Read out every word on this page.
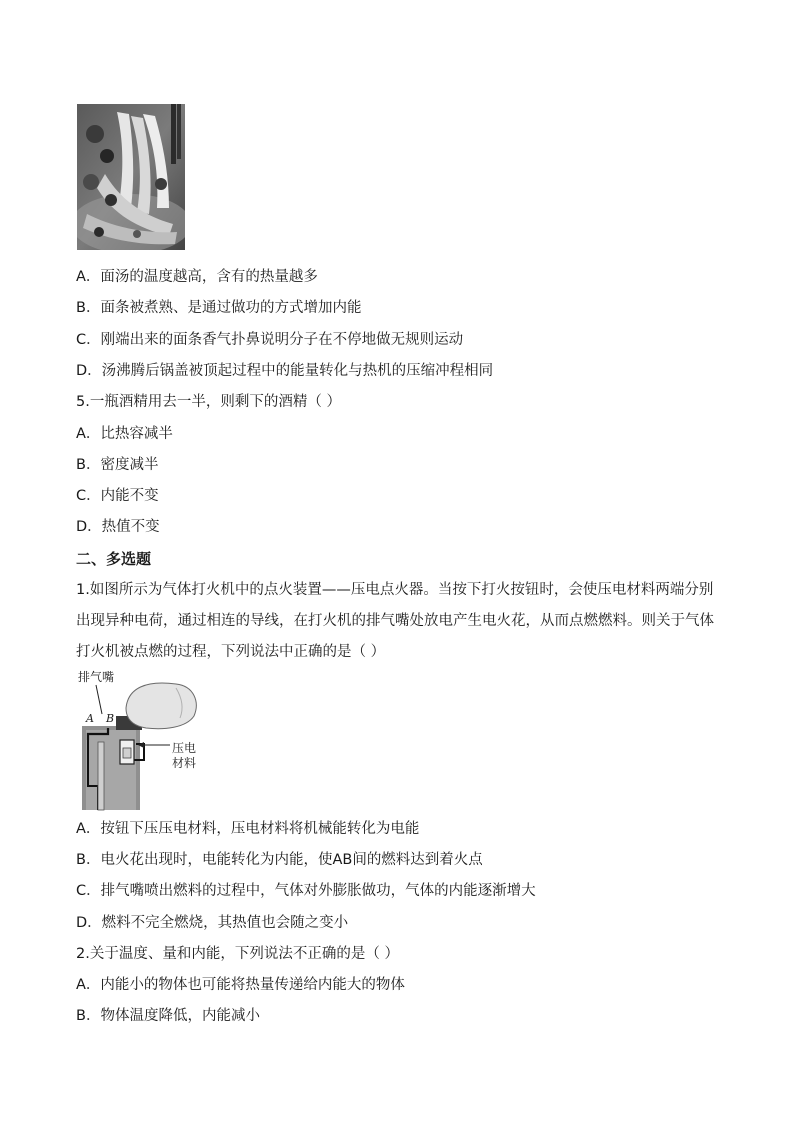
A．面汤的温度越高，含有的热量越多
B．面条被煮熟、是通过做功的方式增加内能
C．刚端出来的面条香气扑鼻说明分子在不停地做无规则运动
D．汤沸腾后锅盖被顶起过程中的能量转化与热机的压缩冲程相同
5.一瓶酒精用去一半，则剩下的酒精（ ）
A．比热容减半
B．密度减半
C．内能不变
D．热值不变
二、多选题
1.如图所示为气体打火机中的点火装置——压电点火器。当按下打火按钮时，会使压电材料两端分别
出现异种电荷，通过相连的导线，在打火机的排气嘴处放电产生电火花，从而点燃燃料。则关于气体
打火机被点燃的过程，下列说法中正确的是（ ）
排气嘴
A B
压电
材料
A．按钮下压压电材料，压电材料将机械能转化为电能
B．电火花出现时，电能转化为内能，使AB间的燃料达到着火点
C．排气嘴喷出燃料的过程中，气体对外膨胀做功，气体的内能逐渐增大
D．燃料不完全燃烧，其热值也会随之变小
2.关于温度、量和内能，下列说法不正确的是（ ）
A．内能小的物体也可能将热量传递给内能大的物体
B．物体温度降低，内能减小
